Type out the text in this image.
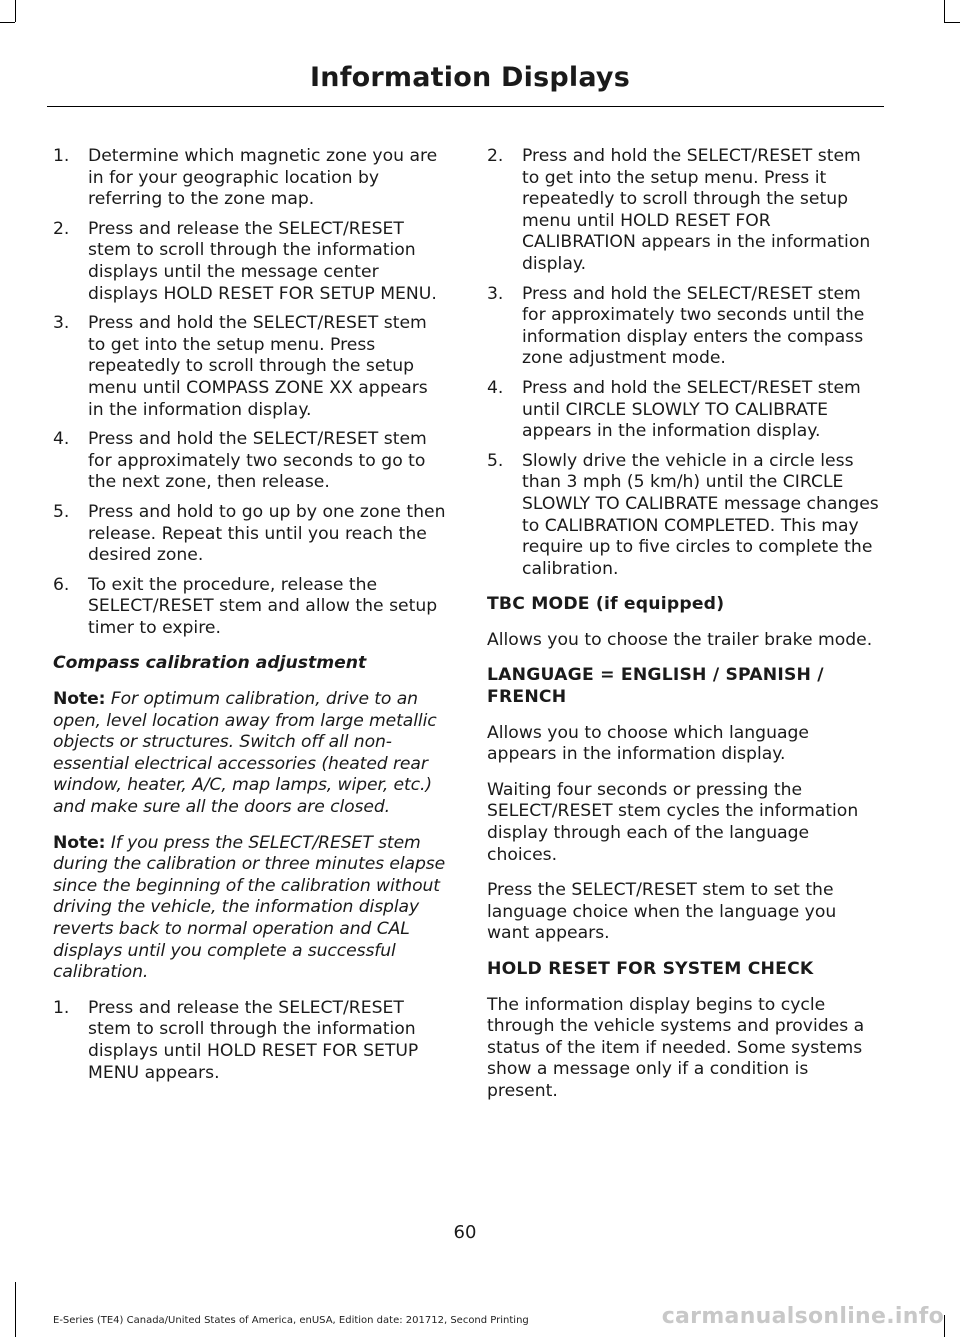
Information Displays
1. Determine which magnetic zone you are in for your geographic location by referring to the zone map.
2. Press and release the SELECT/RESET stem to scroll through the information displays until the message center displays HOLD RESET FOR SETUP MENU.
3. Press and hold the SELECT/RESET stem to get into the setup menu. Press repeatedly to scroll through the setup menu until COMPASS ZONE XX appears in the information display.
4. Press and hold the SELECT/RESET stem for approximately two seconds to go to the next zone, then release.
5. Press and hold to go up by one zone then release. Repeat this until you reach the desired zone.
6. To exit the procedure, release the SELECT/RESET stem and allow the setup timer to expire.
Compass calibration adjustment
Note: For optimum calibration, drive to an open, level location away from large metallic objects or structures. Switch off all non-essential electrical accessories (heated rear window, heater, A/C, map lamps, wiper, etc.) and make sure all the doors are closed.
Note: If you press the SELECT/RESET stem during the calibration or three minutes elapse since the beginning of the calibration without driving the vehicle, the information display reverts back to normal operation and CAL displays until you complete a successful calibration.
1. Press and release the SELECT/RESET stem to scroll through the information displays until HOLD RESET FOR SETUP MENU appears.
2. Press and hold the SELECT/RESET stem to get into the setup menu. Press it repeatedly to scroll through the setup menu until HOLD RESET FOR CALIBRATION appears in the information display.
3. Press and hold the SELECT/RESET stem for approximately two seconds until the information display enters the compass zone adjustment mode.
4. Press and hold the SELECT/RESET stem until CIRCLE SLOWLY TO CALIBRATE appears in the information display.
5. Slowly drive the vehicle in a circle less than 3 mph (5 km/h) until the CIRCLE SLOWLY TO CALIBRATE message changes to CALIBRATION COMPLETED. This may require up to five circles to complete the calibration.
TBC MODE (if equipped)

Allows you to choose the trailer brake mode.

LANGUAGE = ENGLISH / SPANISH / FRENCH

Allows you to choose which language appears in the information display.

Waiting four seconds or pressing the SELECT/RESET stem cycles the information display through each of the language choices.

Press the SELECT/RESET stem to set the language choice when the language you want appears.

HOLD RESET FOR SYSTEM CHECK

The information display begins to cycle through the vehicle systems and provides a status of the item if needed. Some systems show a message only if a condition is present.

60
E-Series (TE4) Canada/United States of America, enUSA, Edition date: 201712, Second Printing	carmanualsonline.info
